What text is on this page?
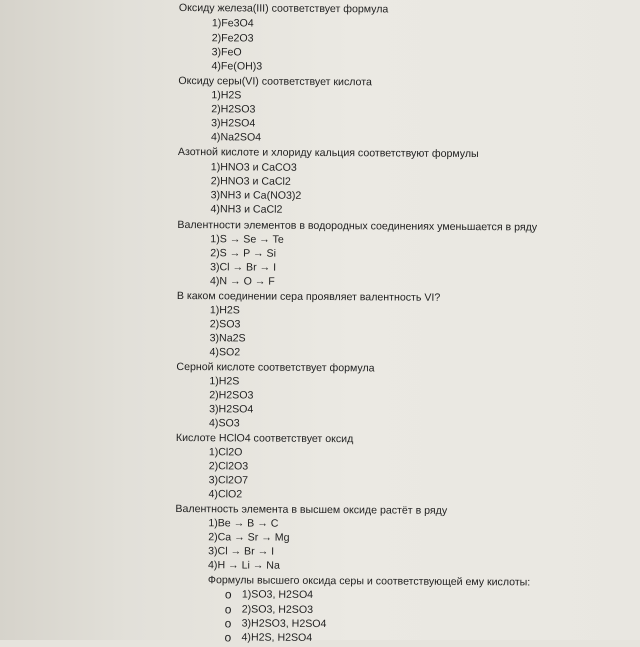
Оксиду железа(III) соответствует формула
1)Fe3O4
2)Fe2O3
3)FeO
4)Fe(OH)3
Оксиду серы(VI) соответствует кислота
1)H2S
2)H2SO3
3)H2SO4
4)Na2SO4
Азотной кислоте и хлориду кальция соответствуют формулы
1)HNO3 и CaCO3
2)HNO3 и CaCl2
3)NH3 и Ca(NO3)2
4)NH3 и CaCl2
Валентности элементов в водородных соединениях уменьшается в ряду
1)S → Se → Te
2)S → P → Si
3)Cl → Br → I
4)N → O → F
В каком соединении сера проявляет валентность VI?
1)H2S
2)SO3
3)Na2S
4)SO2
Серной кислоте соответствует формула
1)H2S
2)H2SO3
3)H2SO4
4)SO3
Кислоте HClO4 соответствует оксид
1)Cl2O
2)Cl2O3
3)Cl2O7
4)ClO2
Валентность элемента в высшем оксиде растёт в ряду
1)Be → B → C
2)Ca → Sr → Mg
3)Cl → Br → I
4)H → Li → Na
Формулы высшего оксида серы и соответствующей ему кислоты:
o 1)SO3, H2SO4
o 2)SO3, H2SO3
o 3)H2SO3, H2SO4
o 4)H2S, H2SO4
